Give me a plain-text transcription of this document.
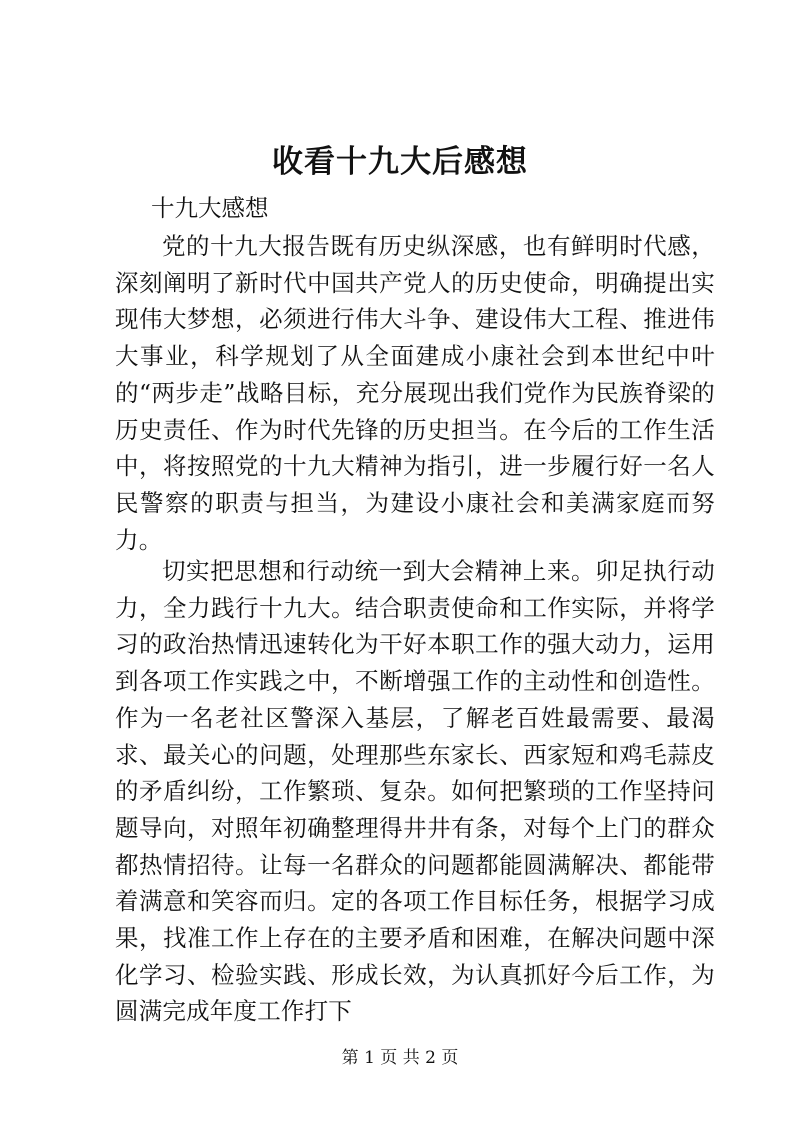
收看十九大后感想
十九大感想
党的十九大报告既有历史纵深感，也有鲜明时代感，深刻阐明了新时代中国共产党人的历史使命，明确提出实现伟大梦想，必须进行伟大斗争、建设伟大工程、推进伟大事业，科学规划了从全面建成小康社会到本世纪中叶的“两步走”战略目标，充分展现出我们党作为民族脊梁的历史责任、作为时代先锋的历史担当。在今后的工作生活中，将按照党的十九大精神为指引，进一步履行好一名人民警察的职责与担当，为建设小康社会和美满家庭而努力。
切实把思想和行动统一到大会精神上来。卯足执行动力，全力践行十九大。结合职责使命和工作实际，并将学习的政治热情迅速转化为干好本职工作的强大动力，运用到各项工作实践之中，不断增强工作的主动性和创造性。作为一名老社区警深入基层，了解老百姓最需要、最渴求、最关心的问题，处理那些东家长、西家短和鸡毛蒜皮的矛盾纠纷，工作繁琐、复杂。如何把繁琐的工作坚持问题导向，对照年初确整理得井井有条，对每个上门的群众都热情招待。让每一名群众的问题都能圆满解决、都能带着满意和笑容而归。定的各项工作目标任务，根据学习成果，找准工作上存在的主要矛盾和困难，在解决问题中深化学习、检验实践、形成长效，为认真抓好今后工作，为圆满完成年度工作打下
第 1 页 共 2 页
